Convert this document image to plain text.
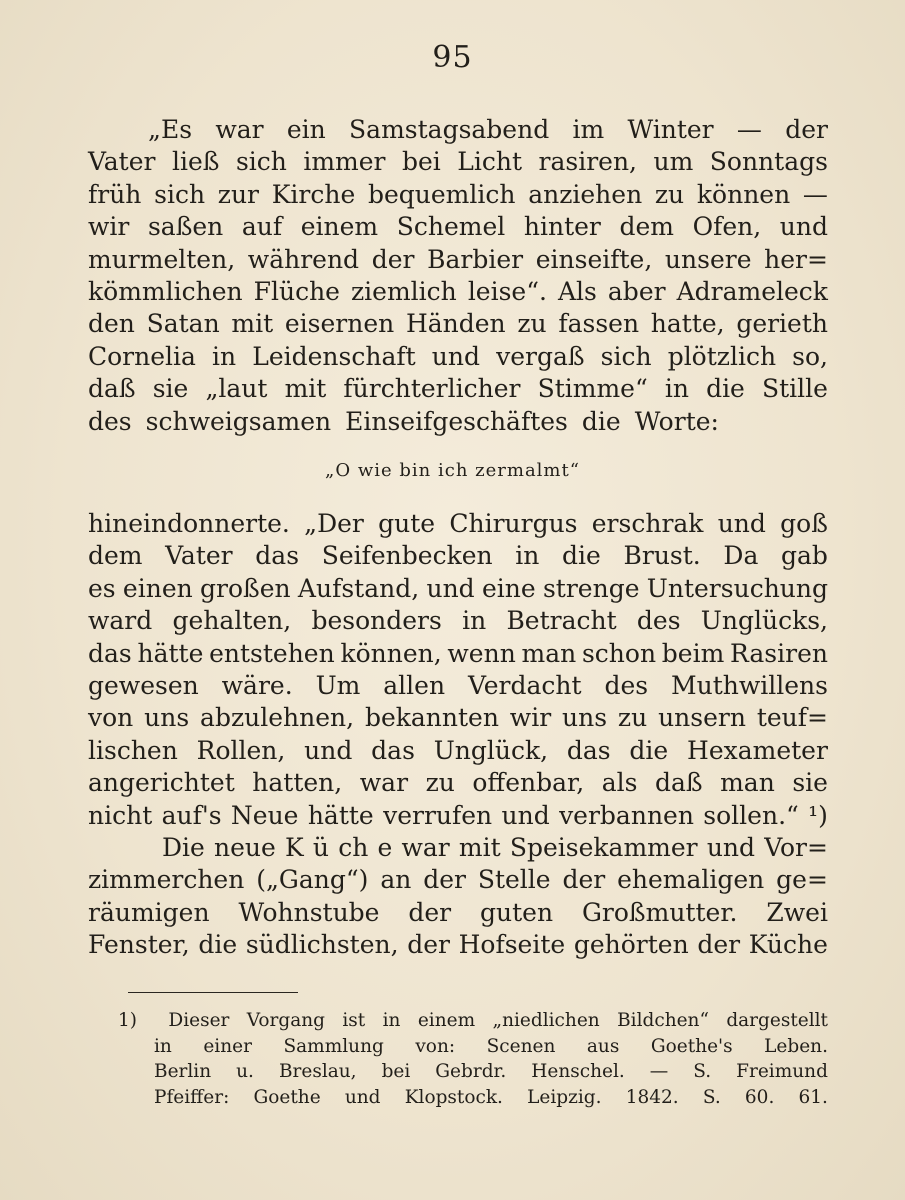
95
„Es war ein Samstagsabend im Winter — der
Vater ließ sich immer bei Licht rasiren, um Sonntags
früh sich zur Kirche bequemlich anziehen zu können —
wir saßen auf einem Schemel hinter dem Ofen, und
murmelten, während der Barbier einseifte, unsere her=
kömmlichen Flüche ziemlich leise“. Als aber Adrameleck
den Satan mit eisernen Händen zu fassen hatte, gerieth
Cornelia in Leidenschaft und vergaß sich plötzlich so,
daß sie „laut mit fürchterlicher Stimme“ in die Stille
des schweigsamen Einseifgeschäftes die Worte:
„O wie bin ich zermalmt“
hineindonnerte. „Der gute Chirurgus erschrak und goß
dem Vater das Seifenbecken in die Brust. Da gab
es einen großen Aufstand, und eine strenge Untersuchung
ward gehalten, besonders in Betracht des Unglücks,
das hätte entstehen können, wenn man schon beim Rasiren
gewesen wäre. Um allen Verdacht des Muthwillens
von uns abzulehnen, bekannten wir uns zu unsern teuf=
lischen Rollen, und das Unglück, das die Hexameter
angerichtet hatten, war zu offenbar, als daß man sie
nicht auf's Neue hätte verrufen und verbannen sollen.“ ¹)
Die neue K ü ch e war mit Speisekammer und Vor=
zimmerchen („Gang“) an der Stelle der ehemaligen ge=
räumigen Wohnstube der guten Großmutter. Zwei
Fenster, die südlichsten, der Hofseite gehörten der Küche
1) Dieser Vorgang ist in einem „niedlichen Bildchen“ dargestellt
in einer Sammlung von: Scenen aus Goethe's Leben.
Berlin u. Breslau, bei Gebrdr. Henschel. — S. Freimund
Pfeiffer: Goethe und Klopstock. Leipzig. 1842. S. 60. 61.
